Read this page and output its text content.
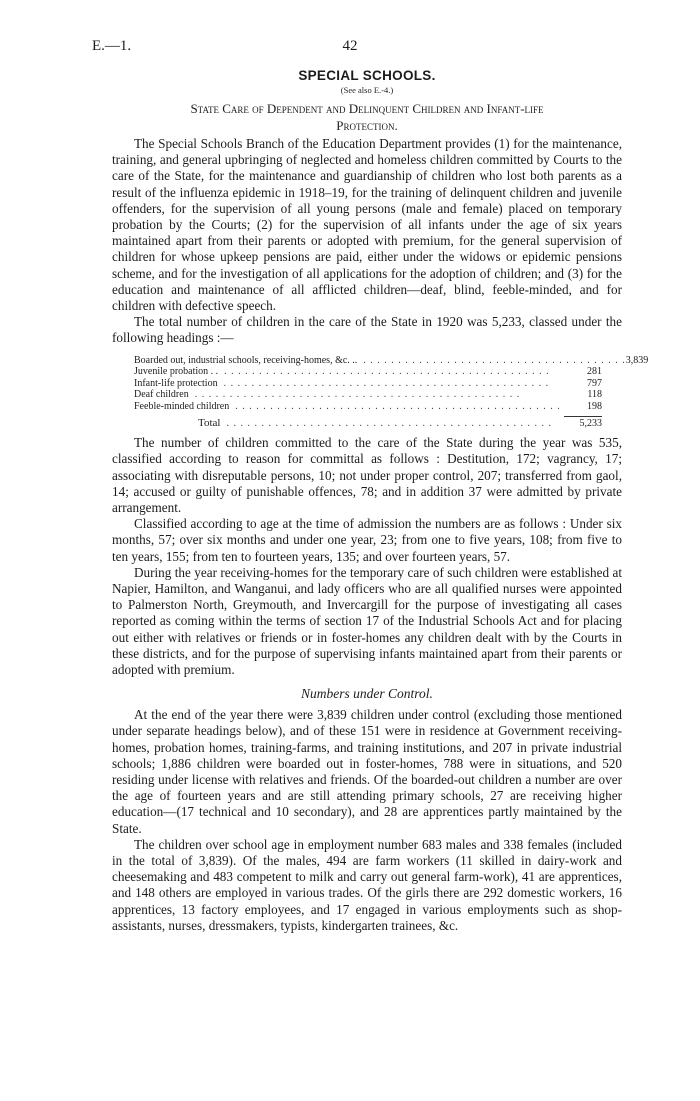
E.—1.	42
SPECIAL SCHOOLS.
(See also E.-4.)
State Care of Dependent and Delinquent Children and Infant-life
Protection.

The Special Schools Branch of the Education Department provides (1) for the maintenance, training, and general upbringing of neglected and homeless children committed by Courts to the care of the State, for the maintenance and guardianship of children who lost both parents as a result of the influenza epidemic in 1918–19, for the training of delinquent children and juvenile offenders, for the supervision of all young persons (male and female) placed on temporary probation by the Courts; (2) for the supervision of all infants under the age of six years maintained apart from their parents or adopted with premium, for the general supervision of children for whose upkeep pensions are paid, either under the widows or epidemic pensions scheme, and for the investigation of all applications for the adoption of children; and (3) for the education and maintenance of all afflicted children—deaf, blind, feeble-minded, and for children with defective speech.

The total number of children in the care of the State in 1920 was 5,233, classed under the following headings :—

Boarded out, industrial schools, receiving-homes, &c. .. . . . . . . . . . . . . . . . . . . . . . . . . . . . . . . . . . . . . . . 3,839
Juvenile probation . . . . . . . . . . . . . . . . . . . . . . . . . . . . . . . . . . . . . . . . . . . . . . . . .	281
Infant-life protection . . . . . . . . . . . . . . . . . . . . . . . . . . . . . . . . . . . . . . . . . . . . . . .	797
Deaf children . . . . . . . . . . . . . . . . . . . . . . . . . . . . . . . . . . . . . . . . . . . . . . .	118
Feeble-minded children . . . . . . . . . . . . . . . . . . . . . . . . . . . . . . . . . . . . . . . . . . . . . . .	198
Total . . . . . . . . . . . . . . . . . . . . . . . . . . . . . . . . . . . . . . . . . . . . . . .	5,233

The number of children committed to the care of the State during the year was 535, classified according to reason for committal as follows : Destitution, 172; vagrancy, 17; associating with disreputable persons, 10; not under proper control, 207; transferred from gaol, 14; accused or guilty of punishable offences, 78; and in addition 37 were admitted by private arrangement.

Classified according to age at the time of admission the numbers are as follows : Under six months, 57; over six months and under one year, 23; from one to five years, 108; from five to ten years, 155; from ten to fourteen years, 135; and over fourteen years, 57.

During the year receiving-homes for the temporary care of such children were established at Napier, Hamilton, and Wanganui, and lady officers who are all qualified nurses were appointed to Palmerston North, Greymouth, and Invercargill for the purpose of investigating all cases reported as coming within the terms of section 17 of the Industrial Schools Act and for placing out either with relatives or friends or in foster-homes any children dealt with by the Courts in these districts, and for the purpose of supervising infants maintained apart from their parents or adopted with premium.

Numbers under Control.

At the end of the year there were 3,839 children under control (excluding those mentioned under separate headings below), and of these 151 were in residence at Government receiving-homes, probation homes, training-farms, and training institutions, and 207 in private industrial schools; 1,886 children were boarded out in foster-homes, 788 were in situations, and 520 residing under license with relatives and friends. Of the boarded-out children a number are over the age of fourteen years and are still attending primary schools, 27 are receiving higher education—(17 technical and 10 secondary), and 28 are apprentices partly maintained by the State.

The children over school age in employment number 683 males and 338 females (included in the total of 3,839). Of the males, 494 are farm workers (11 skilled in dairy-work and cheesemaking and 483 competent to milk and carry out general farm-work), 41 are apprentices, and 148 others are employed in various trades. Of the girls there are 292 domestic workers, 16 apprentices, 13 factory employees, and 17 engaged in various employments such as shop-assistants, nurses, dressmakers, typists, kindergarten trainees, &c.
